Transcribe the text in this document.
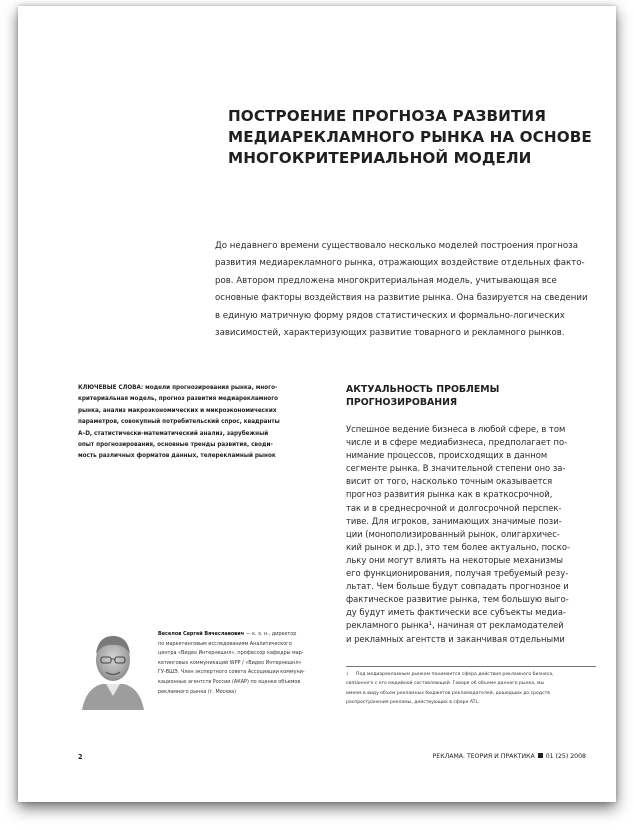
ПОСТРОЕНИЕ ПРОГНОЗА РАЗВИТИЯ
МЕДИАРЕКЛАМНОГО РЫНКА НА ОСНОВЕ
МНОГОКРИТЕРИАЛЬНОЙ МОДЕЛИ
До недавнего времени существовало несколько моделей построения прогноза
развития медиарекламного рынка, отражающих воздействие отдельных факто-
ров. Автором предложена многокритериальная модель, учитывающая все
основные факторы воздействия на развитие рынка. Она базируется на сведении
в единую матричную форму рядов статистических и формально-логических
зависимостей, характеризующих развитие товарного и рекламного рынков.
КЛЮЧЕВЫЕ СЛОВА: модели прогнозирования рынка, много-
критериальная модель, прогноз развития медиарекламного
рынка, анализ макроэкономических и микроэкономических
параметров, совокупный потребительский спрос, квадранты
A–D, статистически-математический анализ, зарубежный
опыт прогнозирования, основные тренды развития, своди-
мость различных форматов данных, телерекламный рынок
АКТУАЛЬНОСТЬ ПРОБЛЕМЫ
ПРОГНОЗИРОВАНИЯ
Успешное ведение бизнеса в любой сфере, в том
числе и в сфере медиабизнеса, предполагает по-
нимание процессов, происходящих в данном
сегменте рынка. В значительной степени оно за-
висит от того, насколько точным оказывается
прогноз развития рынка как в краткосрочной,
так и в среднесрочной и долгосрочной перспек-
тиве. Для игроков, занимающих значимые пози-
ции (монополизированный рынок, олигархичес-
кий рынок и др.), это тем более актуально, поско-
льку они могут влиять на некоторые механизмы
его функционирования, получая требуемый резу-
льтат. Чем больше будут совпадать прогнозное и
фактическое развитие рынка, тем большую выго-
ду будут иметь фактически все субъекты медиа-
рекламного рынка¹, начиная от рекламодателей
и рекламных агентств и заканчивая отдельными
1	Под медиарекламным рынком понимается сфера действия рекламного бизнеса,
связанного с его медийной составляющей. Говоря об объеме данного рынка, мы
имеем в виду объем рекламных бюджетов рекламодателей, дошедших до средств
распространения рекламы, действующих в сфере ATL.
Веселов Сергей Вячеславович — к. э. н., директор
по маркетинговым исследованиям Аналитического
центра «Видео Интернешнл», профессор кафедры мар-
кетинговых коммуникаций WPP / «Видео Интернешнл»
ГУ-ВШЭ. Член экспертного совета Ассоциации коммуни-
кационных агентств России (АКАР) по оценке объемов
рекламного рынка (г. Москва)
2	РЕКЛАМА. ТЕОРИЯ И ПРАКТИКА 01 (25) 2008
